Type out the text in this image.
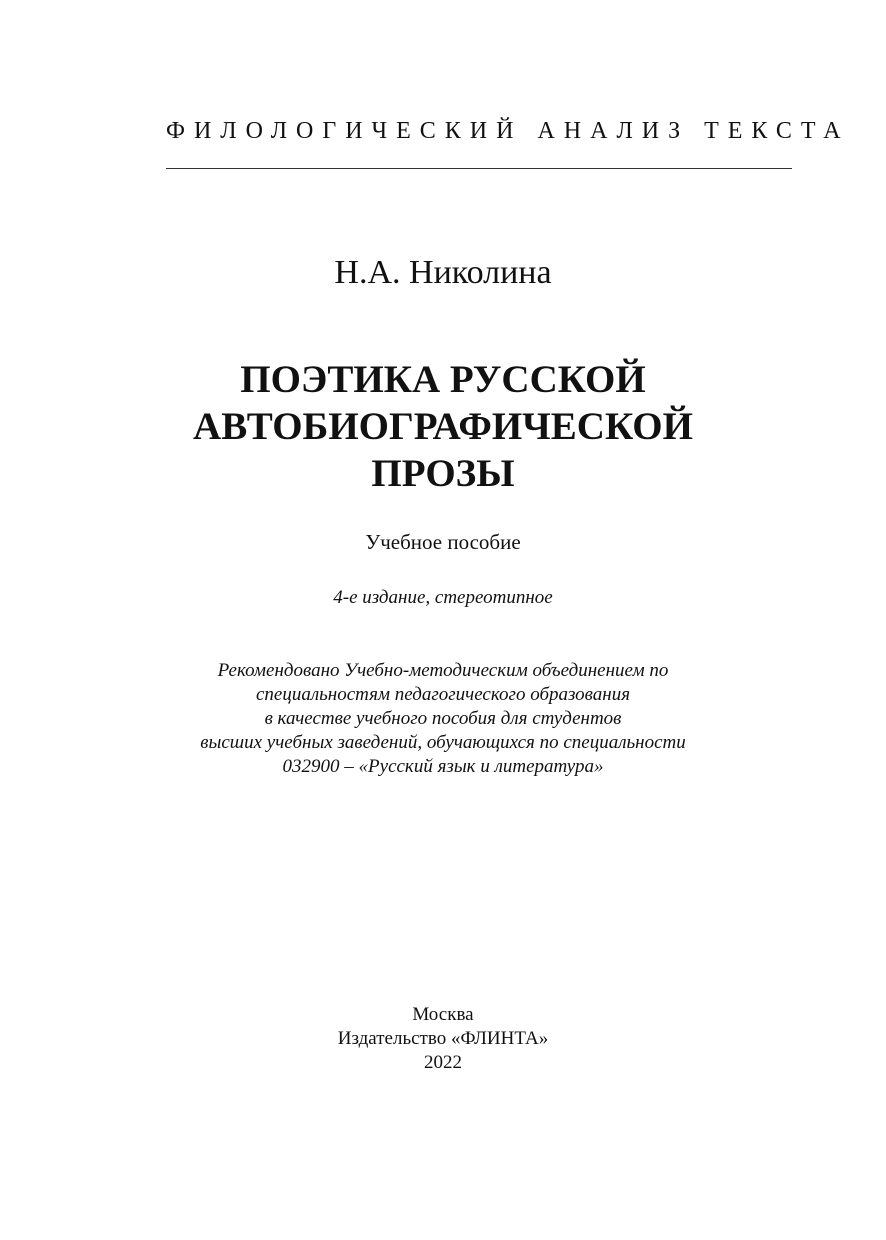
ФИЛОЛОГИЧЕСКИЙ АНАЛИЗ ТЕКСТА
Н.А. Николина
ПОЭТИКА РУССКОЙ
АВТОБИОГРАФИЧЕСКОЙ
ПРОЗЫ
Учебное пособие
4-е издание, стереотипное
Рекомендовано Учебно-методическим объединением по
специальностям педагогического образования
в качестве учебного пособия для студентов
высших учебных заведений, обучающихся по специальности
032900 – «Русский язык и литература»
Москва
Издательство «ФЛИНТА»
2022
